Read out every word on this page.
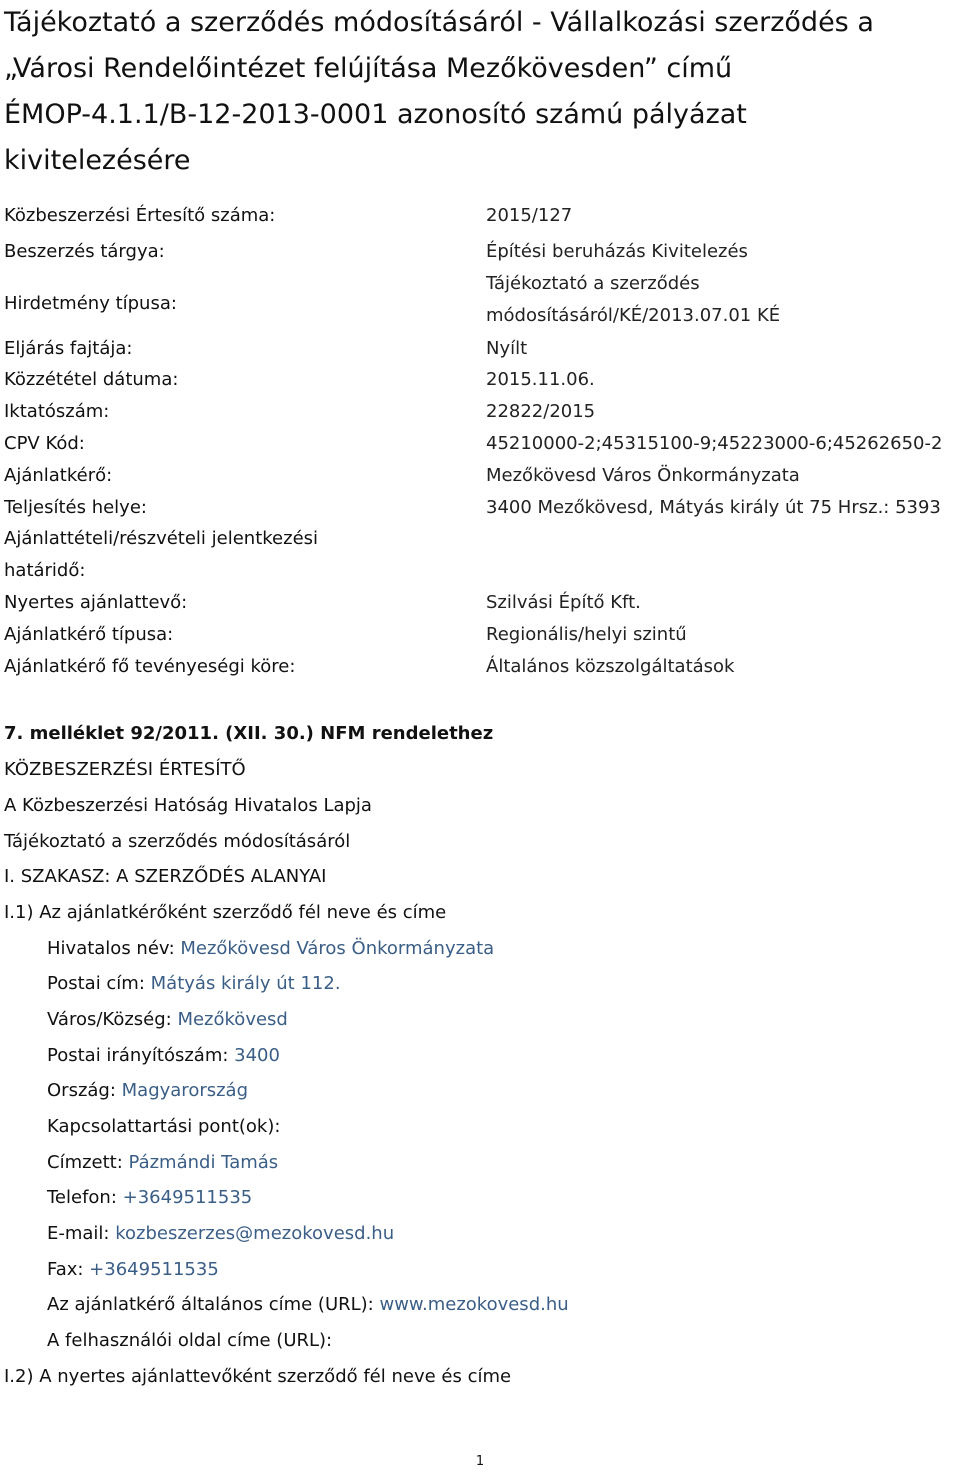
Tájékoztató a szerződés módosításáról - Vállalkozási szerződés a
„Városi Rendelőintézet felújítása Mezőkövesden” című
ÉMOP-4.1.1/B-12-2013-0001 azonosító számú pályázat
kivitelezésére
Közbeszerzési Értesítő száma:	2015/127
Beszerzés tárgya:	Építési beruházás Kivitelezés
Hirdetmény típusa:
Tájékoztató a szerződés
módosításáról/KÉ/2013.07.01 KÉ
Eljárás fajtája:	Nyílt
Közzététel dátuma:	2015.11.06.
Iktatószám:	22822/2015
CPV Kód:	45210000-2;45315100-9;45223000-6;45262650-2
Ajánlatkérő:	Mezőkövesd Város Önkormányzata
Teljesítés helye:	3400 Mezőkövesd, Mátyás király út 75 Hrsz.: 5393
Ajánlattételi/részvételi jelentkezési
határidő:
Nyertes ajánlattevő:	Szilvási Építő Kft.
Ajánlatkérő típusa:	Regionális/helyi szintű
Ajánlatkérő fő tevényeségi köre:	Általános közszolgáltatások
7. melléklet 92/2011. (XII. 30.) NFM rendelethez
KÖZBESZERZÉSI ÉRTESÍTŐ
A Közbeszerzési Hatóság Hivatalos Lapja
Tájékoztató a szerződés módosításáról
I. SZAKASZ: A SZERZŐDÉS ALANYAI
I.1) Az ajánlatkérőként szerződő fél neve és címe
Hivatalos név: Mezőkövesd Város Önkormányzata
Postai cím: Mátyás király út 112.
Város/Község: Mezőkövesd
Postai irányítószám: 3400
Ország: Magyarország
Kapcsolattartási pont(ok):
Címzett: Pázmándi Tamás
Telefon: +3649511535
E-mail: kozbeszerzes@mezokovesd.hu
Fax: +3649511535
Az ajánlatkérő általános címe (URL): www.mezokovesd.hu
A felhasználói oldal címe (URL):
I.2) A nyertes ajánlattevőként szerződő fél neve és címe
1
